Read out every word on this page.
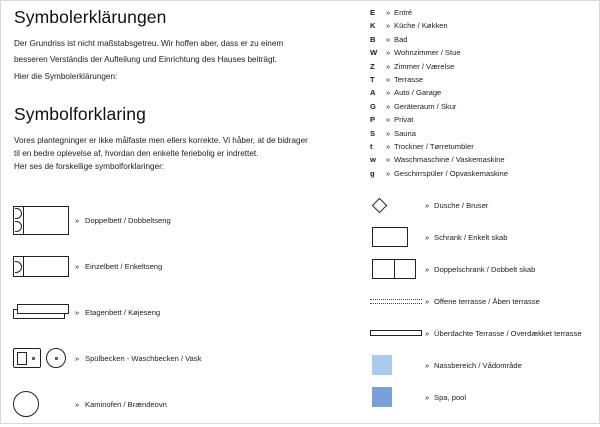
Symbolerklärungen

Der Grundriss ist nicht maßstabsgetreu. Wir hoffen aber, dass er zu einem

besseren Verständis der Aufteilung und Einrichtung des Hauses beiträgt.

Hier die Symbolerklärungen:

Symbolforklaring

Vores plantegninger er ikke målfaste men ellers korrekte. Vi håber, at de bidrager

til en bedre oplevelse af, hvordan den enkelte feriebolig er indrettet.

Her ses de forskellige symbolforklaringer:

» Doppelbett / Dobbeltseng
» Einzelbett / Enkeltseng
» Etagenbett / Køjeseng
» Spülbecken - Waschbecken / Vask
» Kaminofen / Brændeovn
E	» Entré
K	» Küche / Køkken
B	» Bad
W	» Wohnzimmer / Stue
Z	» Zimmer / Værelse
T	» Terrasse
A	» Auto / Garage
G	» Geräteraum / Skur
P	» Privat
S	» Sauna
t	» Trockner / Tørretumbler
w	» Waschmaschine / Vaskemaskine
g	» Geschirrspüler / Opvaskemaskine
» Dusche / Bruser
» Schrank / Enkelt skab
» Doppelschrank / Dobbelt skab
» Offene terrasse / Åben terrasse
» Überdachte Terrasse / Overdækket terrasse
» Nassbereich / Vådområde
» Spa, pool
